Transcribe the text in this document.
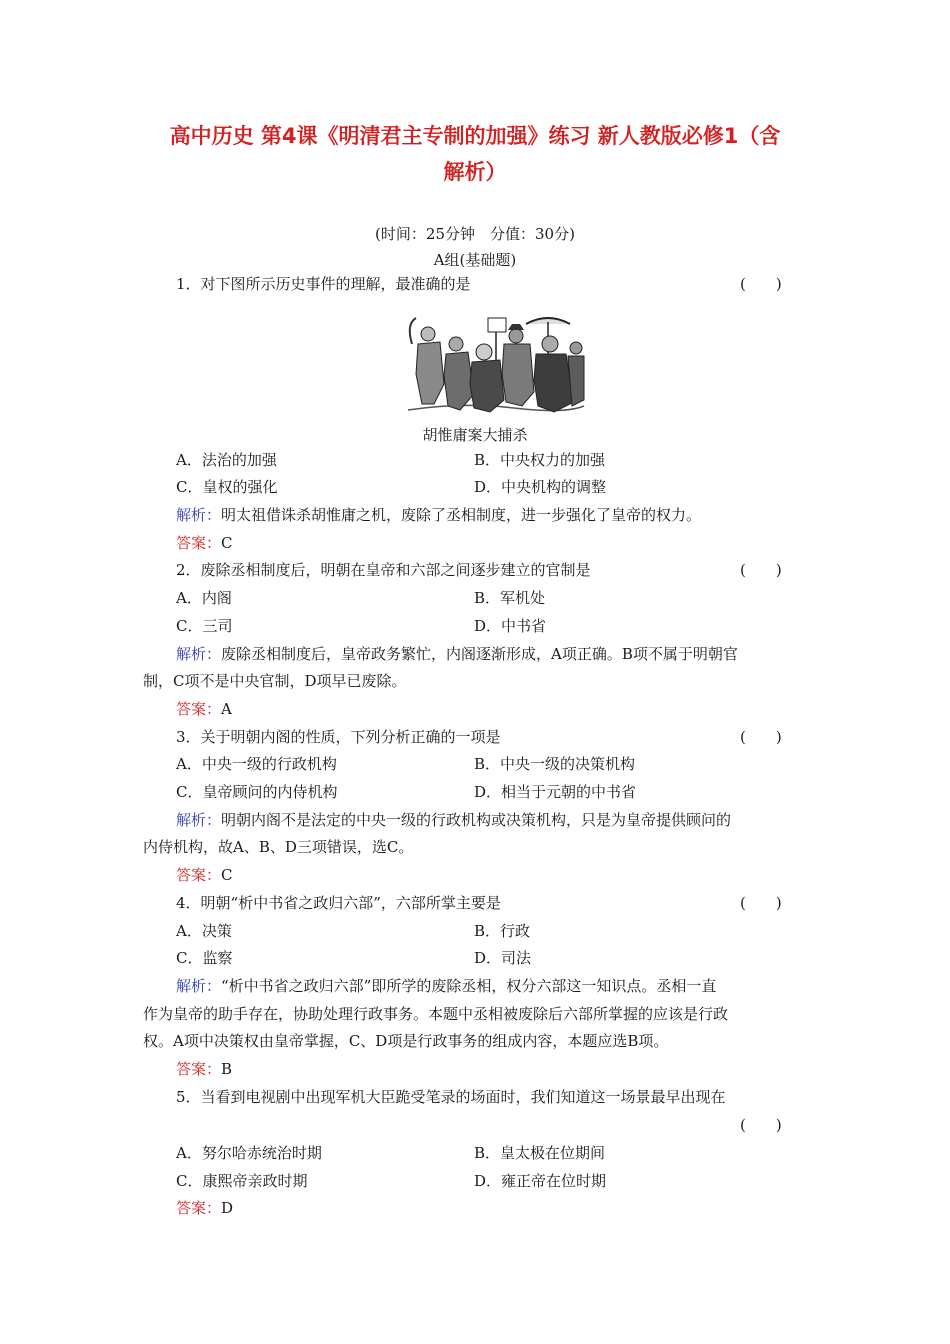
高中历史 第4课《明清君主专制的加强》练习 新人教版必修1（含
解析）
(时间：25分钟　分值：30分)
A组(基础题)
1．对下图所示历史事件的理解，最准确的是	(　　)
胡惟庸案大捕杀
A．法治的加强	B．中央权力的加强
C．皇权的强化	D．中央机构的调整
解析：明太祖借诛杀胡惟庸之机，废除了丞相制度，进一步强化了皇帝的权力。
答案：C
2．废除丞相制度后，明朝在皇帝和六部之间逐步建立的官制是	(　　)
A．内阁	B．军机处
C．三司	D．中书省
解析：废除丞相制度后，皇帝政务繁忙，内阁逐渐形成，A项正确。B项不属于明朝官
制，C项不是中央官制，D项早已废除。
答案：A
3．关于明朝内阁的性质，下列分析正确的一项是	(　　)
A．中央一级的行政机构	B．中央一级的决策机构
C．皇帝顾问的内侍机构	D．相当于元朝的中书省
解析：明朝内阁不是法定的中央一级的行政机构或决策机构，只是为皇帝提供顾问的
内侍机构，故A、B、D三项错误，选C。
答案：C
4．明朝“析中书省之政归六部”，六部所掌主要是	(　　)
A．决策	B．行政
C．监察	D．司法
解析：“析中书省之政归六部”即所学的废除丞相，权分六部这一知识点。丞相一直
作为皇帝的助手存在，协助处理行政事务。本题中丞相被废除后六部所掌握的应该是行政
权。A项中决策权由皇帝掌握，C、D项是行政事务的组成内容，本题应选B项。
答案：B
5．当看到电视剧中出现军机大臣跪受笔录的场面时，我们知道这一场景最早出现在
(　　)
A．努尔哈赤统治时期	B．皇太极在位期间
C．康熙帝亲政时期	D．雍正帝在位时期
答案：D
